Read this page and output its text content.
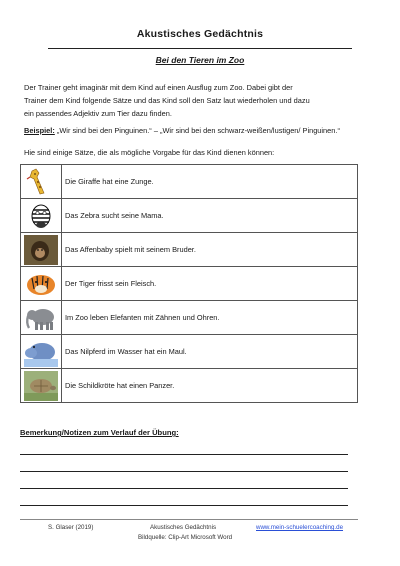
Akustisches Gedächtnis
Bei den Tieren im Zoo
Der Trainer geht imaginär mit dem Kind auf einen Ausflug zum Zoo. Dabei gibt der
Trainer dem Kind folgende Sätze und das Kind soll den Satz laut wiederholen und dazu
ein passendes Adjektiv zum Tier dazu finden.
Beispiel: „Wir sind bei den Pinguinen.“ – „Wir sind bei den schwarz-weißen/lustigen/ Pinguinen.“
Hie sind einige Sätze, die als mögliche Vorgabe für das Kind dienen können:
	Die Giraffe hat eine Zunge.

	Das Zebra sucht seine Mama.

	Das Affenbaby spielt mit seinem Bruder.

	Der Tiger frisst sein Fleisch.

	Im Zoo leben Elefanten mit Zähnen und Ohren.

	Das Nilpferd im Wasser hat ein Maul.

	Die Schildkröte hat einen Panzer.
Bemerkung/Notizen zum Verlauf der Übung:
S. Glaser (2019)	Akustisches Gedächtnis
Bildquelle: Clip-Art Microsoft Word
www.mein-schuelercoaching.de
